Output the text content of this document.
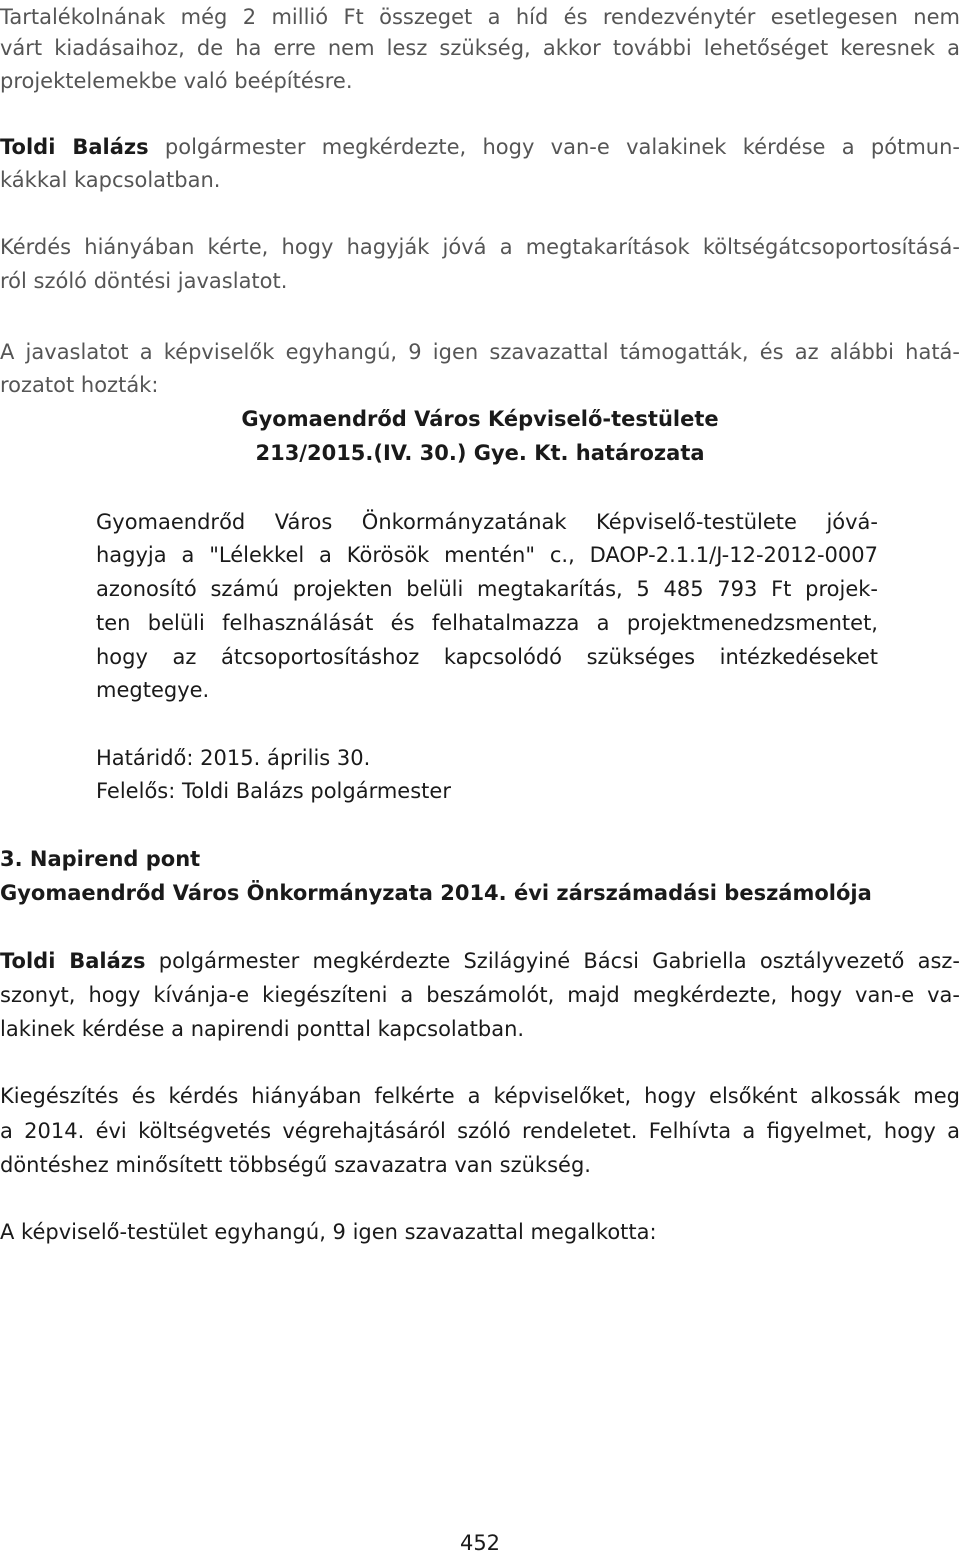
Tartalékolnának még 2 millió Ft összeget a híd és rendezvénytér esetlegesen nem
várt kiadásaihoz, de ha erre nem lesz szükség, akkor további lehetőséget keresnek a
projektelemekbe való beépítésre.
Toldi Balázs polgármester megkérdezte, hogy van-e valakinek kérdése a pótmun-
kákkal kapcsolatban.
Kérdés hiányában kérte, hogy hagyják jóvá a megtakarítások költségátcsoportosításá-
ról szóló döntési javaslatot.
A javaslatot a képviselők egyhangú, 9 igen szavazattal támogatták, és az alábbi hatá-
rozatot hozták:
Gyomaendrőd Város Képviselő-testülete
213/2015.(IV. 30.) Gye. Kt. határozata
Gyomaendrőd Város Önkormányzatának Képviselő-testülete jóvá-
hagyja a "Lélekkel a Körösök mentén" c., DAOP-2.1.1/J-12-2012-0007
azonosító számú projekten belüli megtakarítás, 5 485 793 Ft projek-
ten belüli felhasználását és felhatalmazza a projektmenedzsmentet,
hogy az átcsoportosításhoz kapcsolódó szükséges intézkedéseket
megtegye.
Határidő: 2015. április 30.
Felelős: Toldi Balázs polgármester
3. Napirend pont
Gyomaendrőd Város Önkormányzata 2014. évi zárszámadási beszámolója
Toldi Balázs polgármester megkérdezte Szilágyiné Bácsi Gabriella osztályvezető asz-
szonyt, hogy kívánja-e kiegészíteni a beszámolót, majd megkérdezte, hogy van-e va-
lakinek kérdése a napirendi ponttal kapcsolatban.
Kiegészítés és kérdés hiányában felkérte a képviselőket, hogy elsőként alkossák meg
a 2014. évi költségvetés végrehajtásáról szóló rendeletet. Felhívta a figyelmet, hogy a
döntéshez minősített többségű szavazatra van szükség.
A képviselő-testület egyhangú, 9 igen szavazattal megalkotta:
452
